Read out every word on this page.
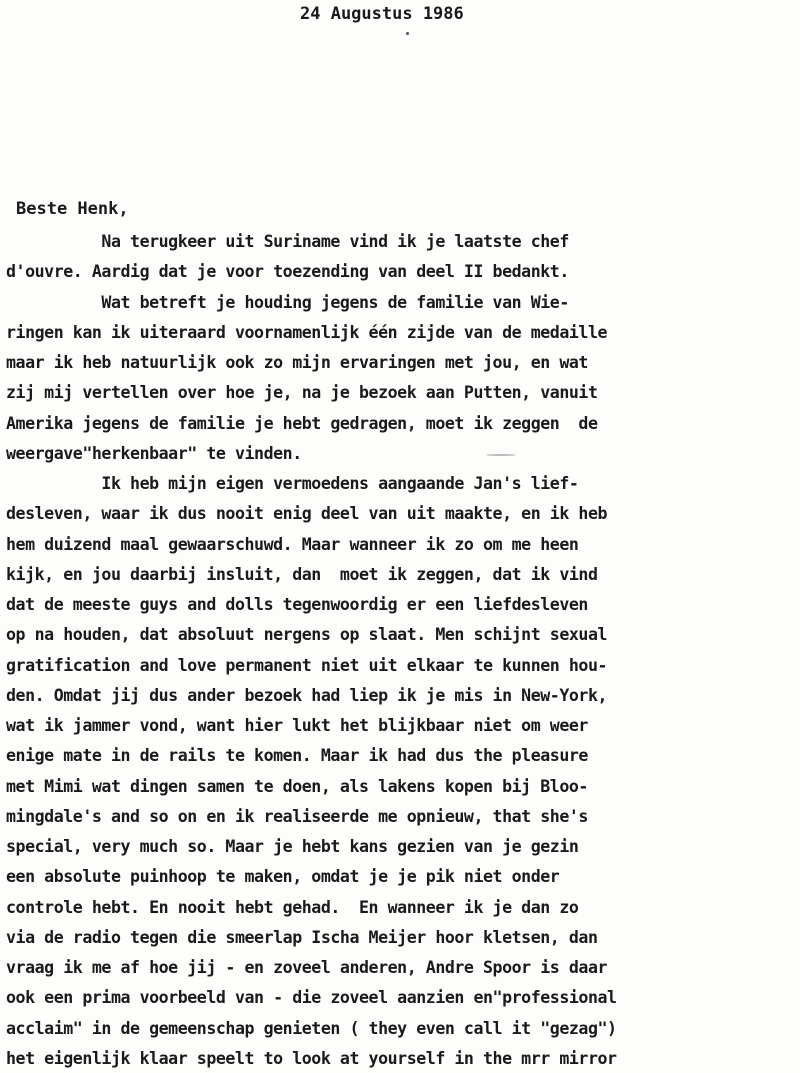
24 Augustus 1986
Beste Henk,
Na terugkeer uit Suriname vind ik je laatste chef
d'ouvre. Aardig dat je voor toezending van deel II bedankt.
Wat betreft je houding jegens de familie van Wie-
ringen kan ik uiteraard voornamenlijk één zijde van de medaille
maar ik heb natuurlijk ook zo mijn ervaringen met jou, en wat
zij mij vertellen over hoe je, na je bezoek aan Putten, vanuit
Amerika jegens de familie je hebt gedragen, moet ik zeggen  de
weergave"herkenbaar" te vinden.
Ik heb mijn eigen vermoedens aangaande Jan's lief-
desleven, waar ik dus nooit enig deel van uit maakte, en ik heb
hem duizend maal gewaarschuwd. Maar wanneer ik zo om me heen
kijk, en jou daarbij insluit, dan  moet ik zeggen, dat ik vind
dat de meeste guys and dolls tegenwoordig er een liefdesleven
op na houden, dat absoluut nergens op slaat. Men schijnt sexual
gratification and love permanent niet uit elkaar te kunnen hou-
den. Omdat jij dus ander bezoek had liep ik je mis in New-York,
wat ik jammer vond, want hier lukt het blijkbaar niet om weer
enige mate in de rails te komen. Maar ik had dus the pleasure
met Mimi wat dingen samen te doen, als lakens kopen bij Bloo-
mingdale's and so on en ik realiseerde me opnieuw, that she's
special, very much so. Maar je hebt kans gezien van je gezin
een absolute puinhoop te maken, omdat je je pik niet onder
controle hebt. En nooit hebt gehad.  En wanneer ik je dan zo
via de radio tegen die smeerlap Ischa Meijer hoor kletsen, dan
vraag ik me af hoe jij - en zoveel anderen, Andre Spoor is daar
ook een prima voorbeeld van - die zoveel aanzien en"professional
acclaim" in de gemeenschap genieten ( they even call it "gezag")
het eigenlijk klaar speelt to look at yourself in the mrr mirror
